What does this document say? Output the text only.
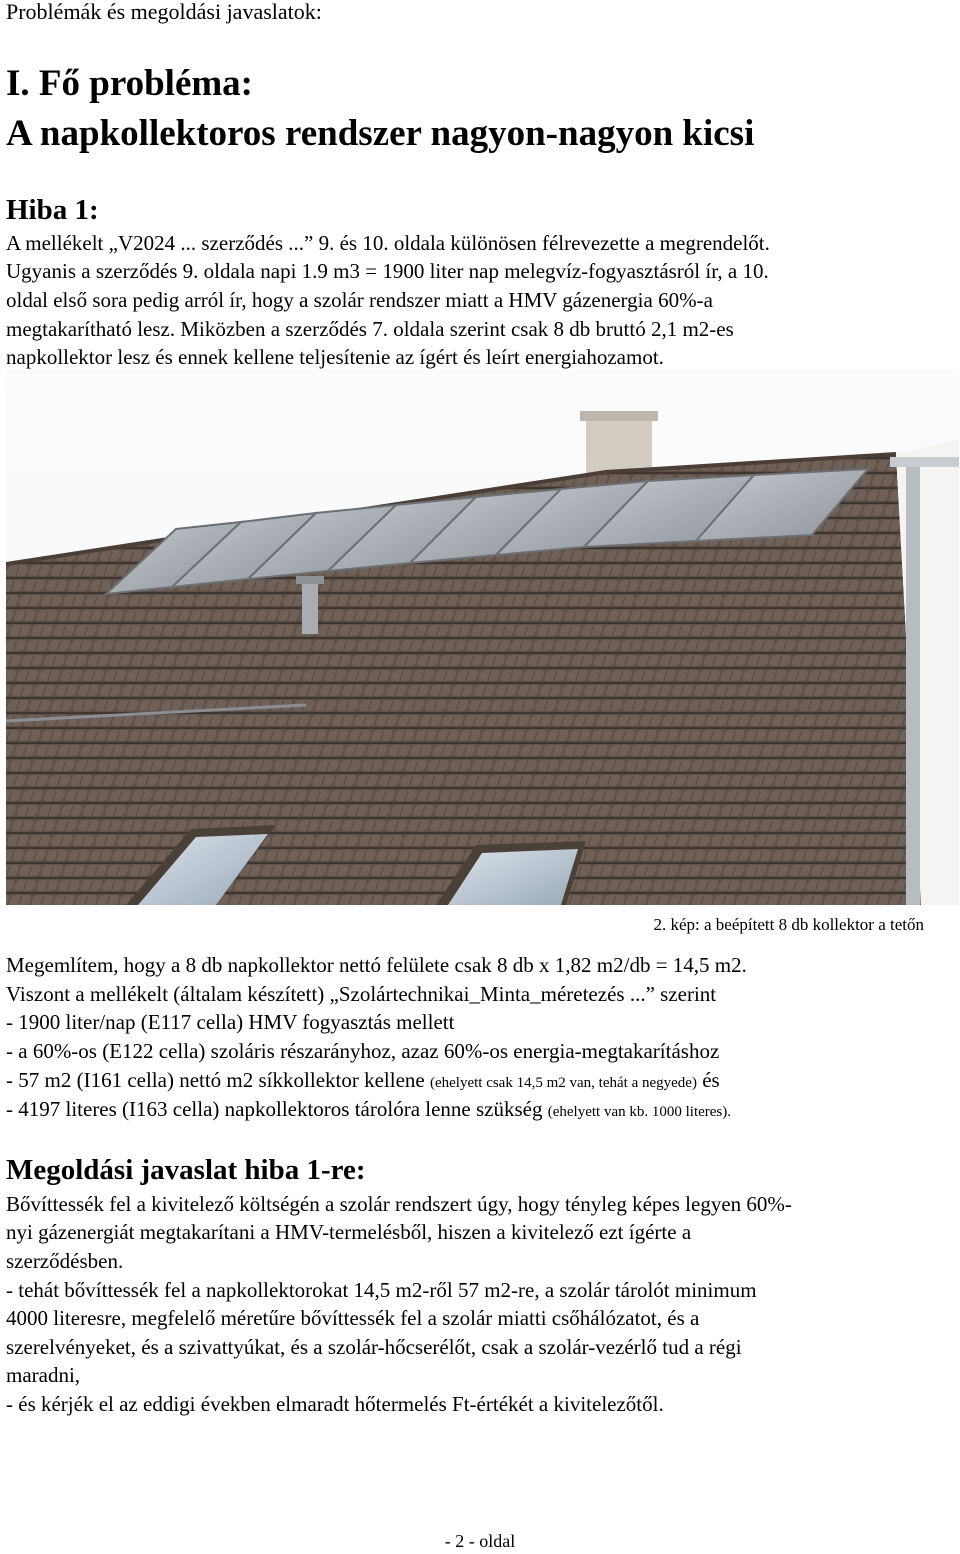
Problémák és megoldási javaslatok:
I. Fő probléma:
A napkollektoros rendszer nagyon-nagyon kicsi
Hiba 1:
A mellékelt „V2024 ... szerződés ...” 9. és 10. oldala különösen félrevezette a megrendelőt.
Ugyanis a szerződés 9. oldala napi 1.9 m3 = 1900 liter nap melegvíz-fogyasztásról ír, a 10.
oldal első sora pedig arról ír, hogy a szolár rendszer miatt a HMV gázenergia 60%-a
megtakarítható lesz. Miközben a szerződés 7. oldala szerint csak 8 db bruttó 2,1 m2-es
napkollektor lesz és ennek kellene teljesítenie az ígért és leírt energiahozamot.
2. kép: a beépített 8 db kollektor a tetőn
Megemlítem, hogy a 8 db napkollektor nettó felülete csak 8 db x 1,82 m2/db = 14,5 m2.
Viszont a mellékelt (általam készített) „Szolártechnikai_Minta_méretezés ...” szerint
- 1900 liter/nap (E117 cella) HMV fogyasztás mellett
- a 60%-os (E122 cella) szoláris részarányhoz, azaz 60%-os energia-megtakarításhoz
- 57 m2 (I161 cella) nettó m2 síkkollektor kellene (ehelyett csak 14,5 m2 van, tehát a negyede) és
- 4197 literes (I163 cella) napkollektoros tárolóra lenne szükség (ehelyett van kb. 1000 literes).
Megoldási javaslat hiba 1-re:
Bővíttessék fel a kivitelező költségén a szolár rendszert úgy, hogy tényleg képes legyen 60%-
nyi gázenergiát megtakarítani a HMV-termelésből, hiszen a kivitelező ezt ígérte a
szerződésben.
- tehát bővíttessék fel a napkollektorokat 14,5 m2-ről 57 m2-re, a szolár tárolót minimum
4000 literesre, megfelelő méretűre bővíttessék fel a szolár miatti csőhálózatot, és a
szerelvényeket, és a szivattyúkat, és a szolár-hőcserélőt, csak a szolár-vezérlő tud a régi
maradni,
- és kérjék el az eddigi években elmaradt hőtermelés Ft-értékét a kivitelezőtől.
- 2 - oldal
